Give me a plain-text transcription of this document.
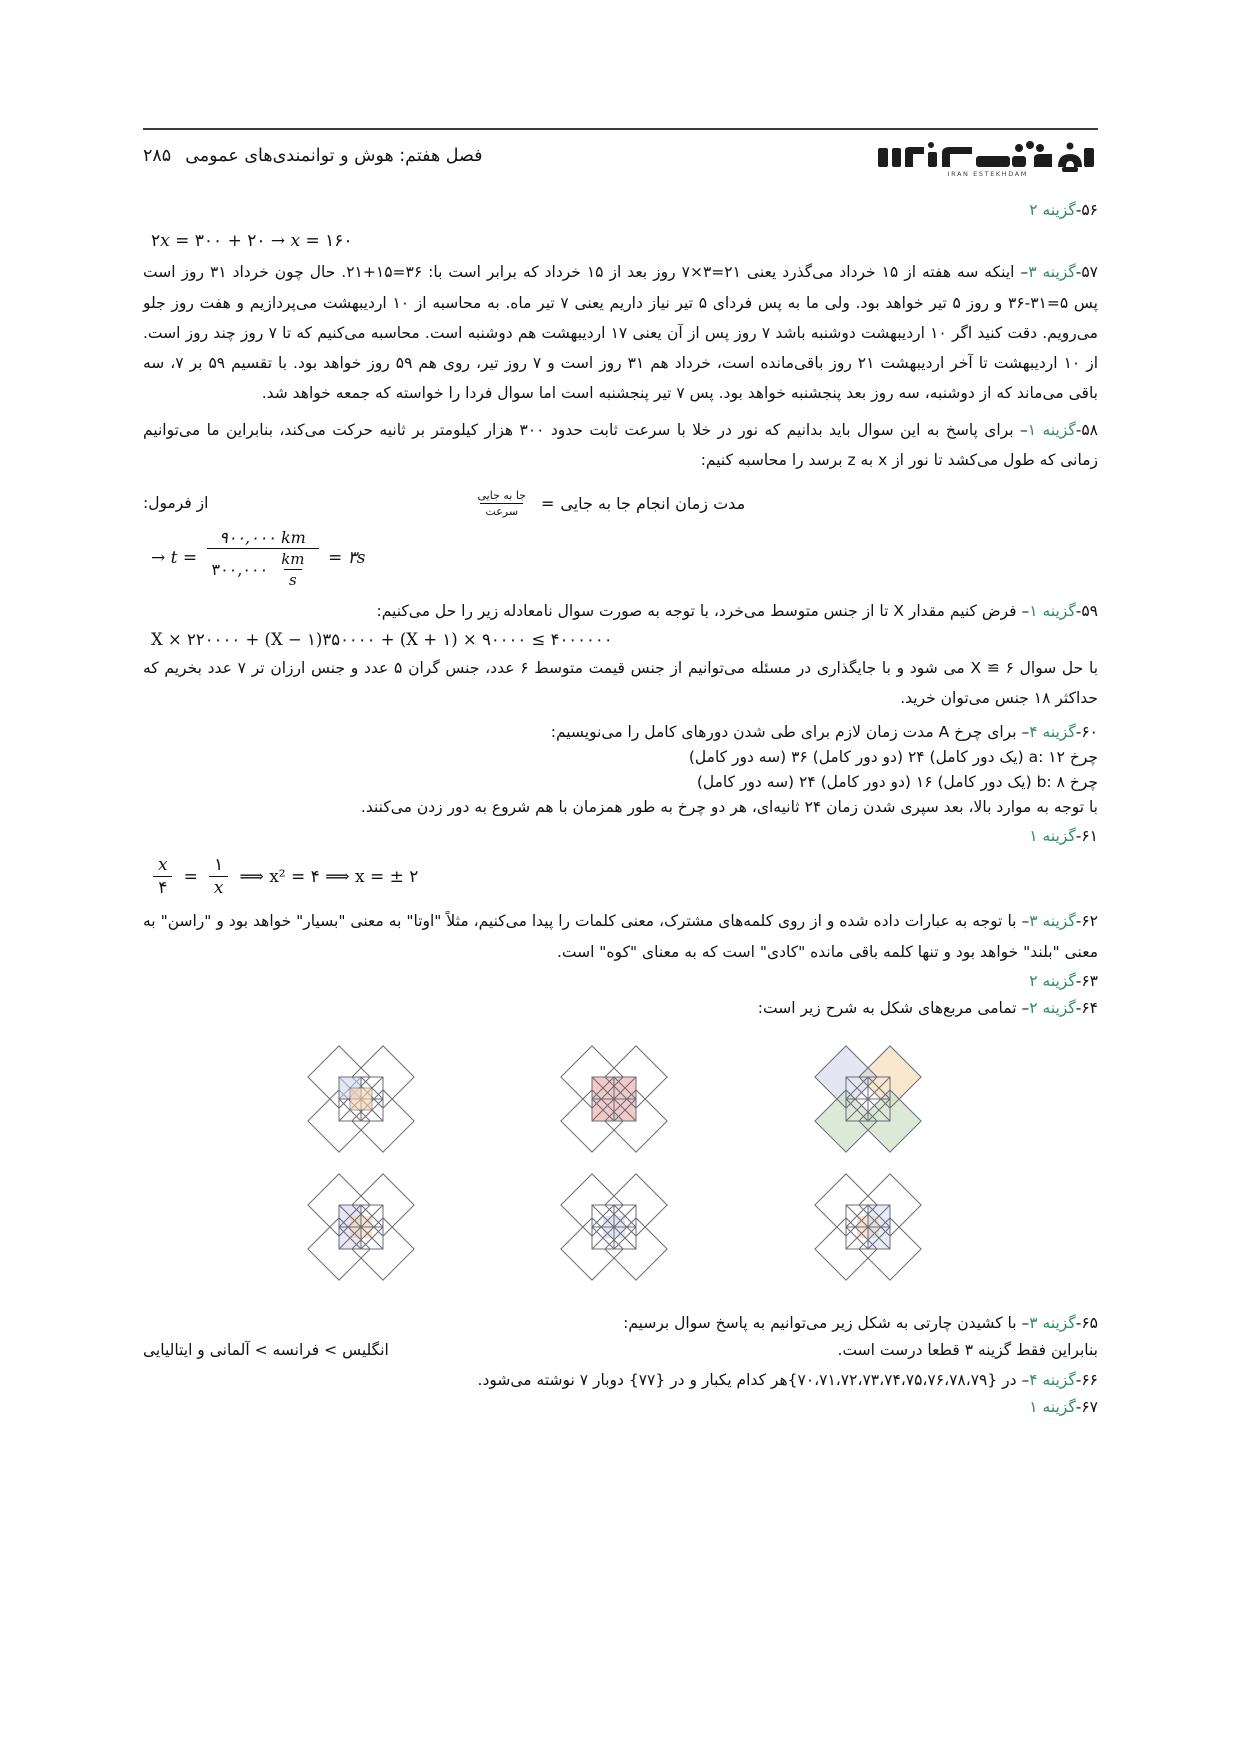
۲۸۵ فصل هفتم: هوش و توانمندی‌های عمومی
IRAN ESTEKHDAM
۵۶-گزینه ۲
۲𝑥 = ۳۰۰ + ۲۰ → 𝑥 = ۱۶۰
۵۷-گزینه ۳– اینکه سه هفته از ۱۵ خرداد می‌گذرد یعنی ۲۱=۳×۷ روز بعد از ۱۵ خرداد که برابر است با: ۳۶=۱۵+۲۱. حال چون خرداد ۳۱ روز است پس ۵=۳۱-۳۶ و روز ۵ تیر خواهد بود. ولی ما به پس فردای ۵ تیر نیاز داریم یعنی ۷ تیر ماه. به محاسبه از ۱۰ اردیبهشت می‌پردازیم و هفت روز جلو می‌رویم. دقت کنید اگر ۱۰ اردیبهشت دوشنبه باشد ۷ روز پس از آن یعنی ۱۷ اردیبهشت هم دوشنبه است. محاسبه می‌کنیم که تا ۷ روز چند روز است. از ۱۰ اردیبهشت تا آخر اردیبهشت ۲۱ روز باقی‌مانده است، خرداد هم ۳۱ روز است و ۷ روز تیر، روی هم ۵۹ روز خواهد بود. با تقسیم ۵۹ بر ۷، سه باقی می‌ماند که از دوشنبه، سه روز بعد پنجشنبه خواهد بود. پس ۷ تیر پنجشنبه است اما سوال فردا را خواسته که جمعه خواهد شد.
۵۸-گزینه ۱– برای پاسخ به این سوال باید بدانیم که نور در خلا با سرعت ثابت حدود ۳۰۰ هزار کیلومتر بر ثانیه حرکت می‌کند، بنابراین ما می‌توانیم زمانی که طول می‌کشد تا نور از x به z برسد را محاسبه کنیم:
از فرمول:	مدت زمان انجام جا به جایی
=
$\frac{\text{جا به جایی}}{\text{سرعت}}$
→ $t = \frac{۹۰۰,۰۰۰ km}{۳۰۰,۰۰۰ \frac{km}{s}}$ = ۳s
۵۹-گزینه ۱– فرض کنیم مقدار X تا از جنس متوسط می‌خرد، با توجه به صورت سوال نامعادله زیر را حل می‌کنیم:
X × ۲۲۰۰۰۰ + (X − ۱)۳۵۰۰۰۰ + (X + ۱) × ۹۰۰۰۰ ≤ ۴۰۰۰۰۰۰
با حل سوال ۶ ≅ X می شود و با جایگذاری در مسئله می‌توانیم از جنس قیمت متوسط ۶ عدد، جنس گران ۵ عدد و جنس ارزان تر ۷ عدد بخریم که حداکثر ۱۸ جنس می‌توان خرید.
۶۰-گزینه ۴– برای چرخ A مدت زمان لازم برای طی شدن دورهای کامل را می‌نویسیم:
چرخ a: ۱۲ (یک دور کامل) ۲۴ (دو دور کامل) ۳۶ (سه دور کامل)
چرخ b: ۸ (یک دور کامل) ۱۶ (دو دور کامل) ۲۴ (سه دور کامل)
با توجه به موارد بالا، بعد سپری شدن زمان ۲۴ ثانیه‌ای، هر دو چرخ به طور همزمان با هم شروع به دور زدن می‌کنند.
۶۱-گزینه ۱
$\frac{x}{۴} = \frac{۱}{x}$ ⟹ x² = ۴ ⟹ x = ± ۲
۶۲-گزینه ۳– با توجه به عبارات داده شده و از روی کلمه‌های مشترک، معنی کلمات را پیدا می‌کنیم، مثلاً "اوتا" به معنی "بسیار" خواهد بود و "راسن" به معنی "بلند" خواهد بود و تنها کلمه باقی مانده "کادی" است که به معنای "کوه" است.
۶۳-گزینه ۲
۶۴-گزینه ۲– تمامی مربع‌های شکل به شرح زیر است:
۶۵-گزینه ۳– با کشیدن چارتی به شکل زیر می‌توانیم به پاسخ سوال برسیم:
انگلیس > فرانسه > آلمانی و ایتالیایی	بنابراین فقط گزینه ۳ قطعا درست است.
۶۶-گزینه ۴– در {۷۰،۷۱،۷۲،۷۳،۷۴،۷۵،۷۶،۷۸،۷۹}هر کدام یکبار و در {۷۷} دوبار ۷ نوشته می‌شود.
۶۷-گزینه ۱
